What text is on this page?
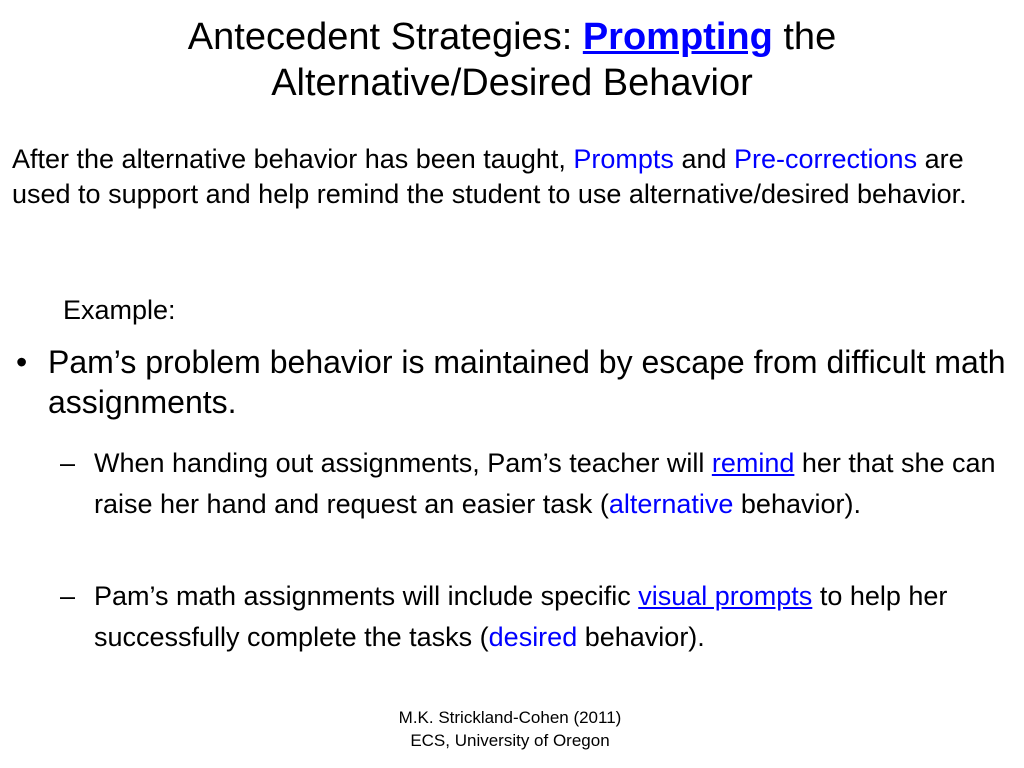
Antecedent Strategies: Prompting the
Alternative/Desired Behavior
After the alternative behavior has been taught, Prompts and Pre-corrections are used to support and help remind the student to use alternative/desired behavior.
Example:
• Pam’s problem behavior is maintained by escape from difficult math assignments.
– When handing out assignments, Pam’s teacher will remind her that she can raise her hand and request an easier task (alternative behavior).
– Pam’s math assignments will include specific visual prompts to help her successfully complete the tasks (desired behavior).
M.K. Strickland-Cohen (2011)
ECS, University of Oregon
